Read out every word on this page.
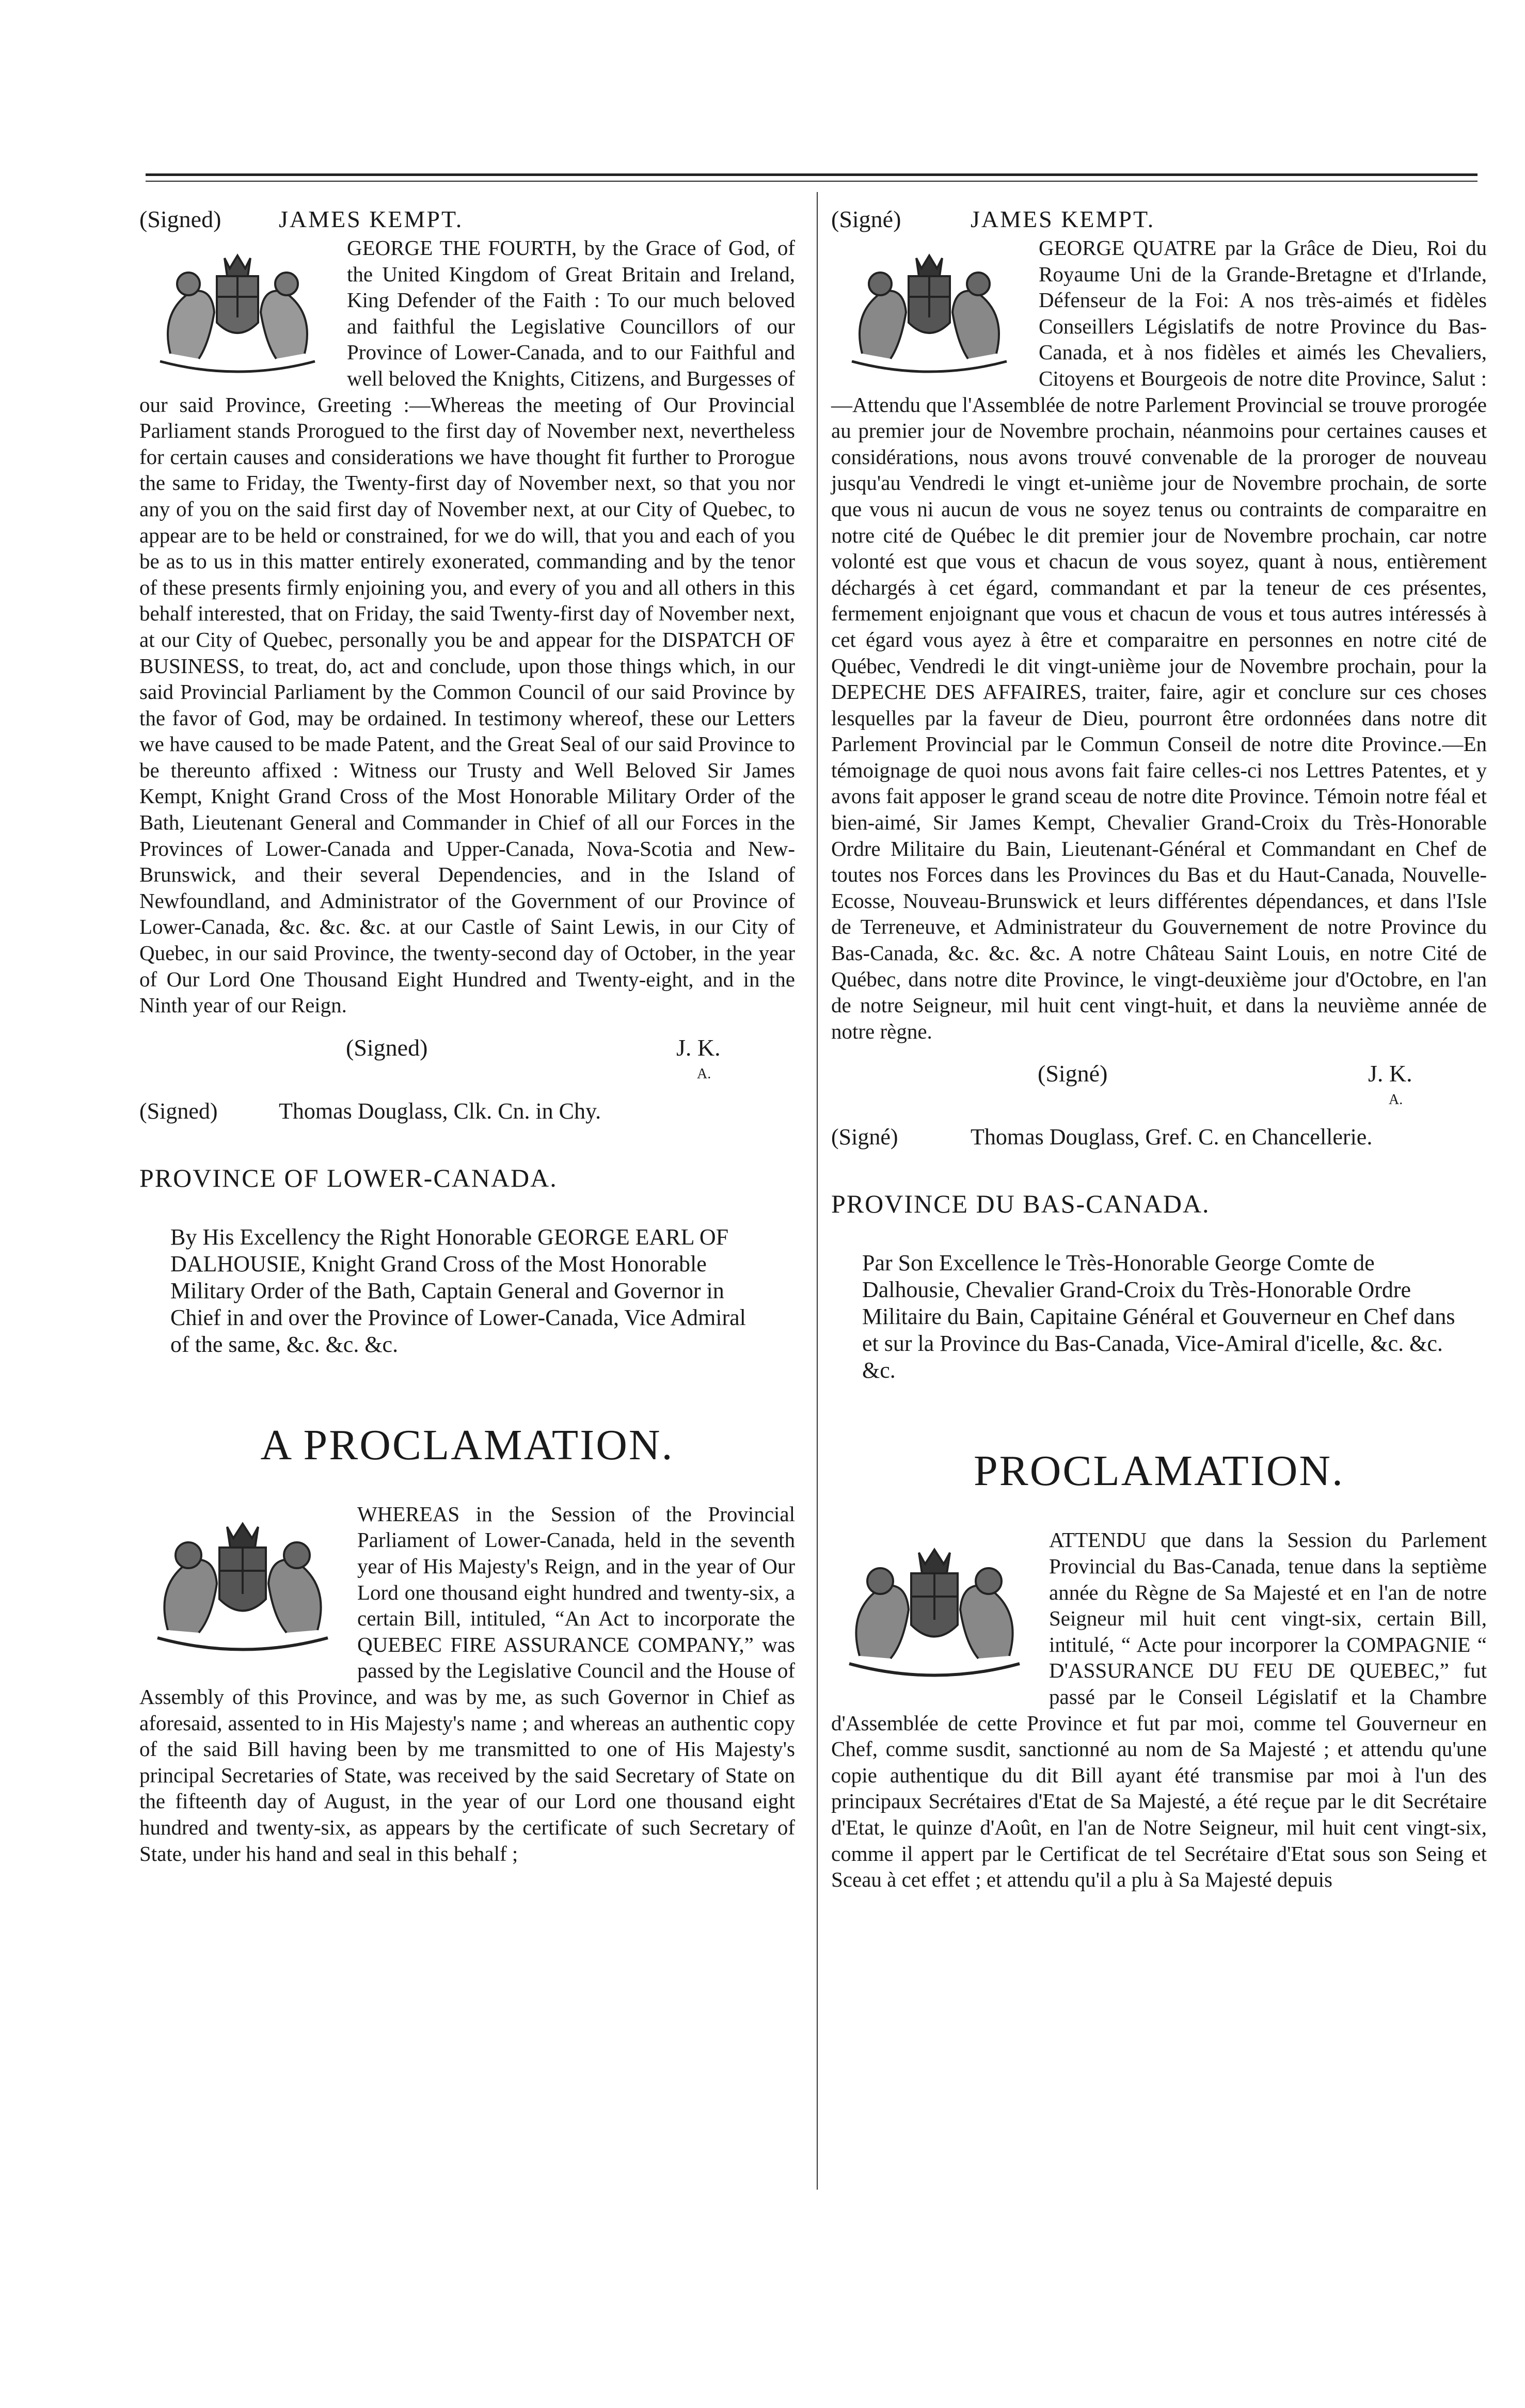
(Signed) JAMES KEMPT.

GEORGE THE FOURTH, by the Grace of God, of the United Kingdom of Great Britain and Ireland, King Defender of the Faith : To our much beloved and faithful the Legislative Councillors of our Province of Lower-Canada, and to our Faithful and well beloved the Knights, Citizens, and Burgesses of our said Province, Greeting :—Whereas the meeting of Our Provincial Parliament stands Prorogued to the first day of November next, nevertheless for certain causes and considerations we have thought fit further to Prorogue the same to Friday, the Twenty-first day of November next, so that you nor any of you on the said first day of November next, at our City of Quebec, to appear are to be held or constrained, for we do will, that you and each of you be as to us in this matter entirely exonerated, commanding and by the tenor of these presents firmly enjoining you, and every of you and all others in this behalf interested, that on Friday, the said Twenty-first day of November next, at our City of Quebec, personally you be and appear for the DISPATCH OF BUSINESS, to treat, do, act and conclude, upon those things which, in our said Provincial Parliament by the Common Council of our said Province by the favor of God, may be ordained. In testimony whereof, these our Letters we have caused to be made Patent, and the Great Seal of our said Province to be thereunto affixed : Witness our Trusty and Well Beloved Sir James Kempt, Knight Grand Cross of the Most Honorable Military Order of the Bath, Lieutenant General and Commander in Chief of all our Forces in the Provinces of Lower-Canada and Upper-Canada, Nova-Scotia and New-Brunswick, and their several Dependencies, and in the Island of Newfoundland, and Administrator of the Government of our Province of Lower-Canada, &c. &c. &c. at our Castle of Saint Lewis, in our City of Quebec, in our said Province, the twenty-second day of October, in the year of Our Lord One Thousand Eight Hundred and Twenty-eight, and in the Ninth year of our Reign.

(Signed)	J. K.
A.
(Signed)	Thomas Douglass, Clk. Cn. in Chy.
PROVINCE OF LOWER-CANADA.

By His Excellency the Right Honorable GEORGE EARL OF DALHOUSIE, Knight Grand Cross of the Most Honorable Military Order of the Bath, Captain General and Governor in Chief in and over the Province of Lower-Canada, Vice Admiral of the same, &c. &c. &c.

A PROCLAMATION.

WHEREAS in the Session of the Provincial Parliament of Lower-Canada, held in the seventh year of His Majesty's Reign, and in the year of Our Lord one thousand eight hundred and twenty-six, a certain Bill, intituled, “An Act to incorporate the QUEBEC FIRE ASSURANCE COMPANY,” was passed by the Legislative Council and the House of Assembly of this Province, and was by me, as such Governor in Chief as aforesaid, assented to in His Majesty's name ; and whereas an authentic copy of the said Bill having been by me transmitted to one of His Majesty's principal Secretaries of State, was received by the said Secretary of State on the fifteenth day of August, in the year of our Lord one thousand eight hundred and twenty-six, as appears by the certificate of such Secretary of State, under his hand and seal in this behalf ;

(Signé)	JAMES KEMPT.

GEORGE QUATRE par la Grâce de Dieu, Roi du Royaume Uni de la Grande-Bretagne et d'Irlande, Défenseur de la Foi: A nos très-aimés et fidèles Conseillers Législatifs de notre Province du Bas-Canada, et à nos fidèles et aimés les Chevaliers, Citoyens et Bourgeois de notre dite Province, Salut :—Attendu que l'Assemblée de notre Parlement Provincial se trouve prorogée au premier jour de Novembre prochain, néanmoins pour certaines causes et considérations, nous avons trouvé convenable de la proroger de nouveau jusqu'au Vendredi le vingt et-unième jour de Novembre prochain, de sorte que vous ni aucun de vous ne soyez tenus ou contraints de comparaitre en notre cité de Québec le dit premier jour de Novembre prochain, car notre volonté est que vous et chacun de vous soyez, quant à nous, entièrement déchargés à cet égard, commandant et par la teneur de ces présentes, fermement enjoignant que vous et chacun de vous et tous autres intéressés à cet égard vous ayez à être et comparaitre en personnes en notre cité de Québec, Vendredi le dit vingt-unième jour de Novembre prochain, pour la DEPECHE DES AFFAIRES, traiter, faire, agir et conclure sur ces choses lesquelles par la faveur de Dieu, pourront être ordonnées dans notre dit Parlement Provincial par le Commun Conseil de notre dite Province.—En témoignage de quoi nous avons fait faire celles-ci nos Lettres Patentes, et y avons fait apposer le grand sceau de notre dite Province. Témoin notre féal et bien-aimé, Sir James Kempt, Chevalier Grand-Croix du Très-Honorable Ordre Militaire du Bain, Lieutenant-Général et Commandant en Chef de toutes nos Forces dans les Provinces du Bas et du Haut-Canada, Nouvelle-Ecosse, Nouveau-Brunswick et leurs différentes dépendances, et dans l'Isle de Terreneuve, et Administrateur du Gouvernement de notre Province du Bas-Canada, &c. &c. &c. A notre Château Saint Louis, en notre Cité de Québec, dans notre dite Province, le vingt-deuxième jour d'Octobre, en l'an de notre Seigneur, mil huit cent vingt-huit, et dans la neuvième année de notre règne.

(Signé)	J. K.
A.
(Signé)	Thomas Douglass, Gref. C. en Chancellerie.
PROVINCE DU BAS-CANADA.

Par Son Excellence le Très-Honorable George Comte de Dalhousie, Chevalier Grand-Croix du Très-Honorable Ordre Militaire du Bain, Capitaine Général et Gouverneur en Chef dans et sur la Province du Bas-Canada, Vice-Amiral d'icelle, &c. &c. &c.

PROCLAMATION.

ATTENDU que dans la Session du Parlement Provincial du Bas-Canada, tenue dans la septième année du Règne de Sa Majesté et en l'an de notre Seigneur mil huit cent vingt-six, certain Bill, intitulé, “ Acte pour incorporer la COMPAGNIE “ D'ASSURANCE DU FEU DE QUEBEC,” fut passé par le Conseil Législatif et la Chambre d'Assemblée de cette Province et fut par moi, comme tel Gouverneur en Chef, comme susdit, sanctionné au nom de Sa Majesté ; et attendu qu'une copie authentique du dit Bill ayant été transmise par moi à l'un des principaux Secrétaires d'Etat de Sa Majesté, a été reçue par le dit Secrétaire d'Etat, le quinze d'Août, en l'an de Notre Seigneur, mil huit cent vingt-six, comme il appert par le Certificat de tel Secrétaire d'Etat sous son Seing et Sceau à cet effet ; et attendu qu'il a plu à Sa Majesté depuis
